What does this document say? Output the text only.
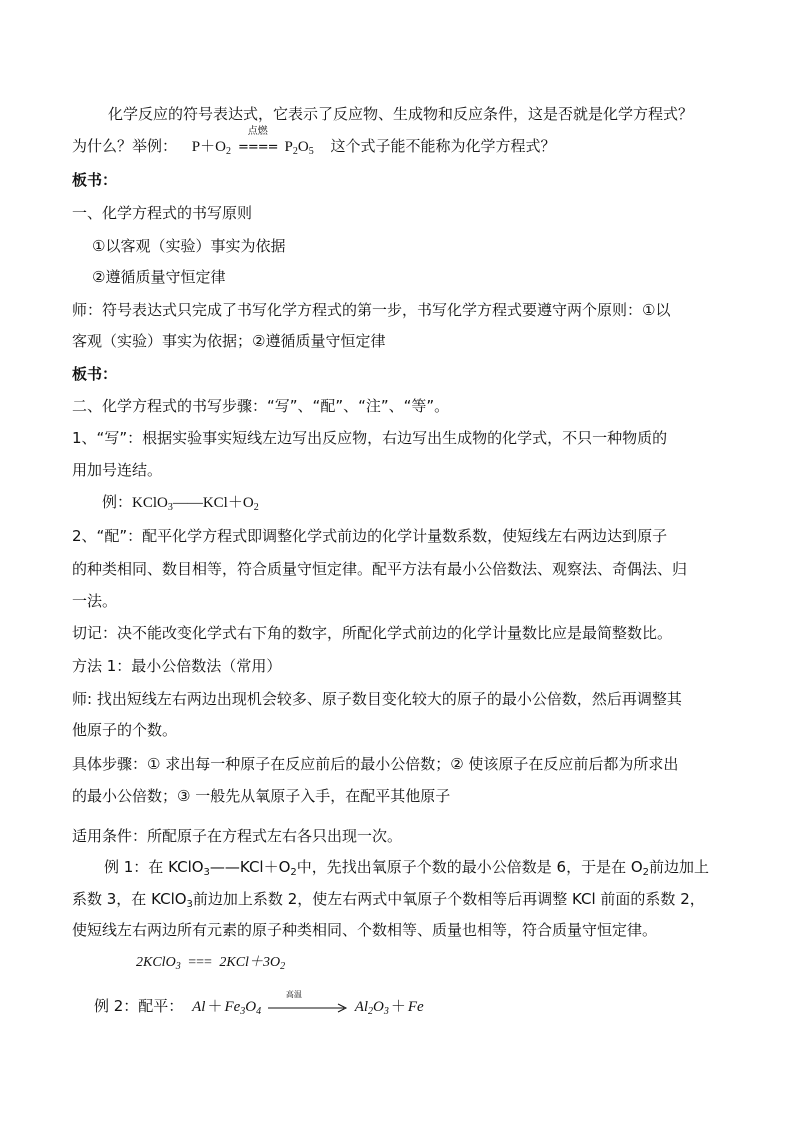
化学反应的符号表达式，它表示了反应物、生成物和反应条件，这是否就是化学方程式？
为什么？举例： $P+O_2$
点燃
==== $P_2O_5$ 这个式子能不能称为化学方程式？
板书：
一、化学方程式的书写原则
①以客观（实验）事实为依据
②遵循质量守恒定律
师：符号表达式只完成了书写化学方程式的第一步，书写化学方程式要遵守两个原则：①以
客观（实验）事实为依据；②遵循质量守恒定律
板书：
二、化学方程式的书写步骤：“写”、“配”、“注”、“等”。
1、“写”：根据实验事实短线左边写出反应物，右边写出生成物的化学式，不只一种物质的
用加号连结。
例：$KClO_3——KCl+O_2$
2、“配”：配平化学方程式即调整化学式前边的化学计量数系数，使短线左右两边达到原子
的种类相同、数目相等，符合质量守恒定律。配平方法有最小公倍数法、观察法、奇偶法、归
一法。
切记：决不能改变化学式右下角的数字，所配化学式前边的化学计量数比应是最简整数比。
方法 1：最小公倍数法（常用）
师: 找出短线左右两边出现机会较多、原子数目变化较大的原子的最小公倍数，然后再调整其
他原子的个数。
具体步骤：① 求出每一种原子在反应前后的最小公倍数；② 使该原子在反应前后都为所求出
的最小公倍数；③ 一般先从氧原子入手，在配平其他原子
适用条件：所配原子在方程式左右各只出现一次。
例 1：在 $KClO_3——KCl+O_2$中，先找出氧原子个数的最小公倍数是 6，于是在 $O_2$前边加上
系数 3，在 KClO$_3$前边加上系数 2，使左右两式中氧原子个数相等后再调整 KCl 前面的系数 2，
使短线左右两边所有元素的原子种类相同、个数相等、质量也相等，符合质量守恒定律。
2KClO$_3$ === $2KCl+3O_2$
例 2：配平： $Al + Fe_3O_4$
高温
$Al_2O_3 + Fe$
